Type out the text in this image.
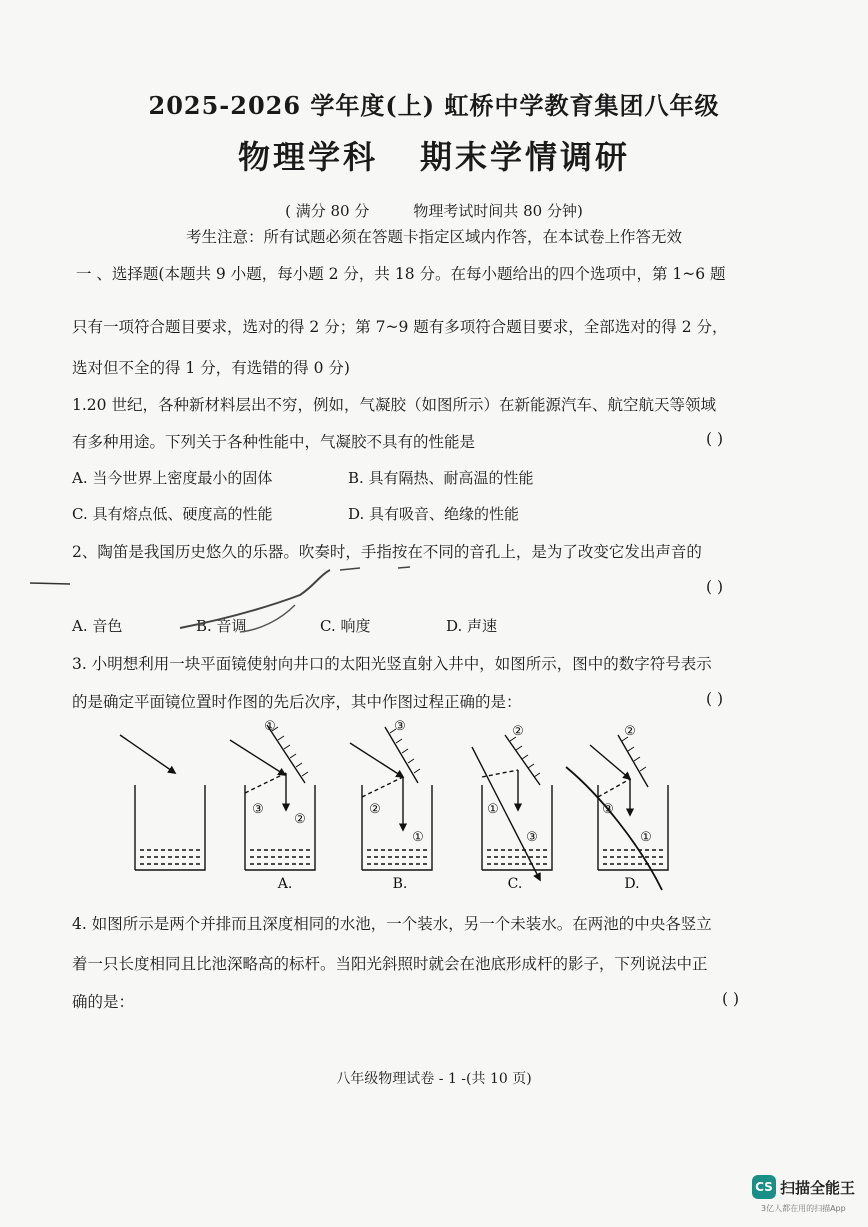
2025-2026 学年度(上) 虹桥中学教育集团八年级
物理学科 期末学情调研
( 满分 80 分	物理考试时间共 80 分钟)
考生注意：所有试题必须在答题卡指定区域内作答，在本试卷上作答无效
一 、选择题(本题共 9 小题，每小题 2 分，共 18 分。在每小题给出的四个选项中，第 1~6 题
只有一项符合题目要求，选对的得 2 分；第 7~9 题有多项符合题目要求，全部选对的得 2 分，
选对但不全的得 1 分，有选错的得 0 分)
1.20 世纪，各种新材料层出不穷，例如，气凝胶（如图所示）在新能源汽车、航空航天等领域
有多种用途。下列关于各种性能中，气凝胶不具有的性能是	( )
A. 当今世界上密度最小的固体	B. 具有隔热、耐高温的性能
C. 具有熔点低、硬度高的性能	D. 具有吸音、绝缘的性能
2、陶笛是我国历史悠久的乐器。吹奏时，手指按在不同的音孔上，是为了改变它发出声音的
( )
A. 音色	B. 音调	C. 响度	D. 声速
3. 小明想利用一块平面镜使射向井口的太阳光竖直射入井中，如图所示，图中的数字符号表示
的是确定平面镜位置时作图的先后次序，其中作图过程正确的是：	( )
①
②
③
③
②
①
②
①
③
②
③
①
A.	B.	C.	D.
4. 如图所示是两个并排而且深度相同的水池，一个装水，另一个未装水。在两池的中央各竖立
着一只长度相同且比池深略高的标杆。当阳光斜照时就会在池底形成杆的影子，下列说法中正
确的是：	( )
八年级物理试卷 - 1 -(共 10 页)
CS 扫描全能王
3亿人都在用的扫描App
